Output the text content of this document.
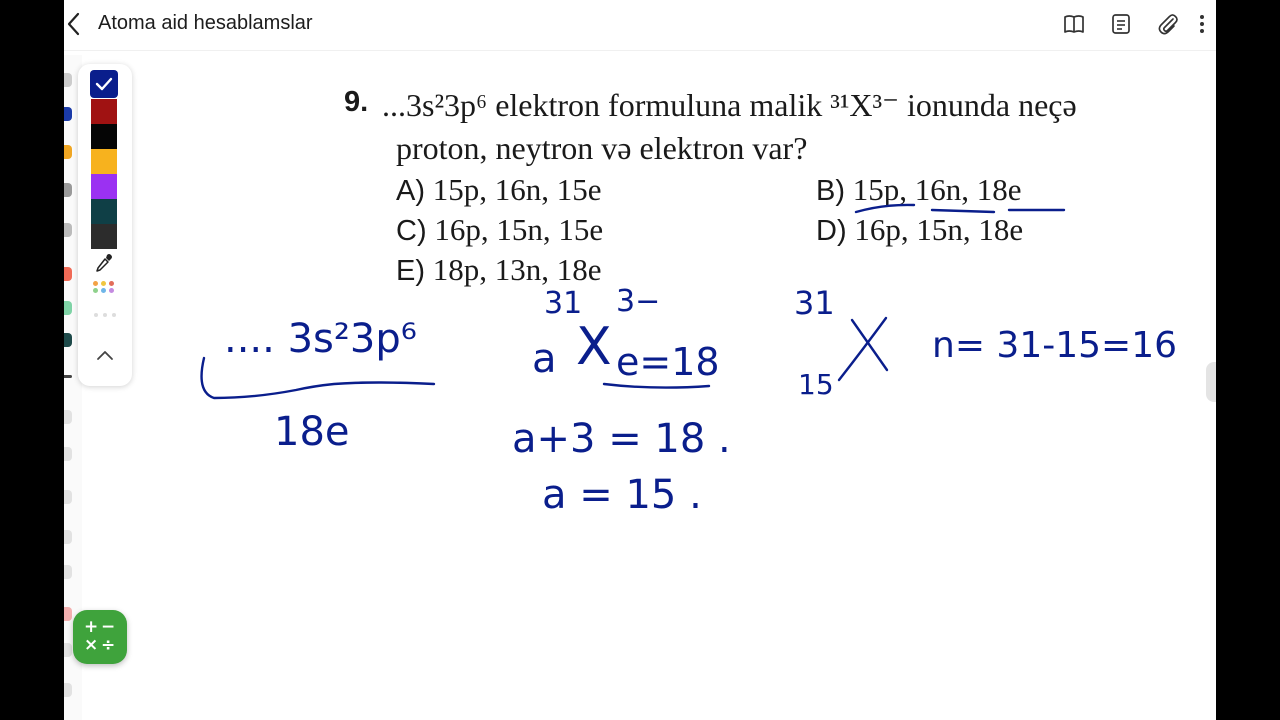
Atoma aid hesablamslar
9. ...3s²3p⁶ elektron formuluna malik ³¹X³⁻ ionunda neçə
proton, neytron və elektron var?
A) 15p, 16n, 15e	B) 15p, 16n, 18e
C) 16p, 15n, 15e	D) 16p, 15n, 18e
E) 18p, 13n, 18e
.... 3s²3p⁶
18e
31 3−
a X e=18
a+3 = 18 .
a = 15 .
31
15
n= 31-15=16
+ −
× ÷
